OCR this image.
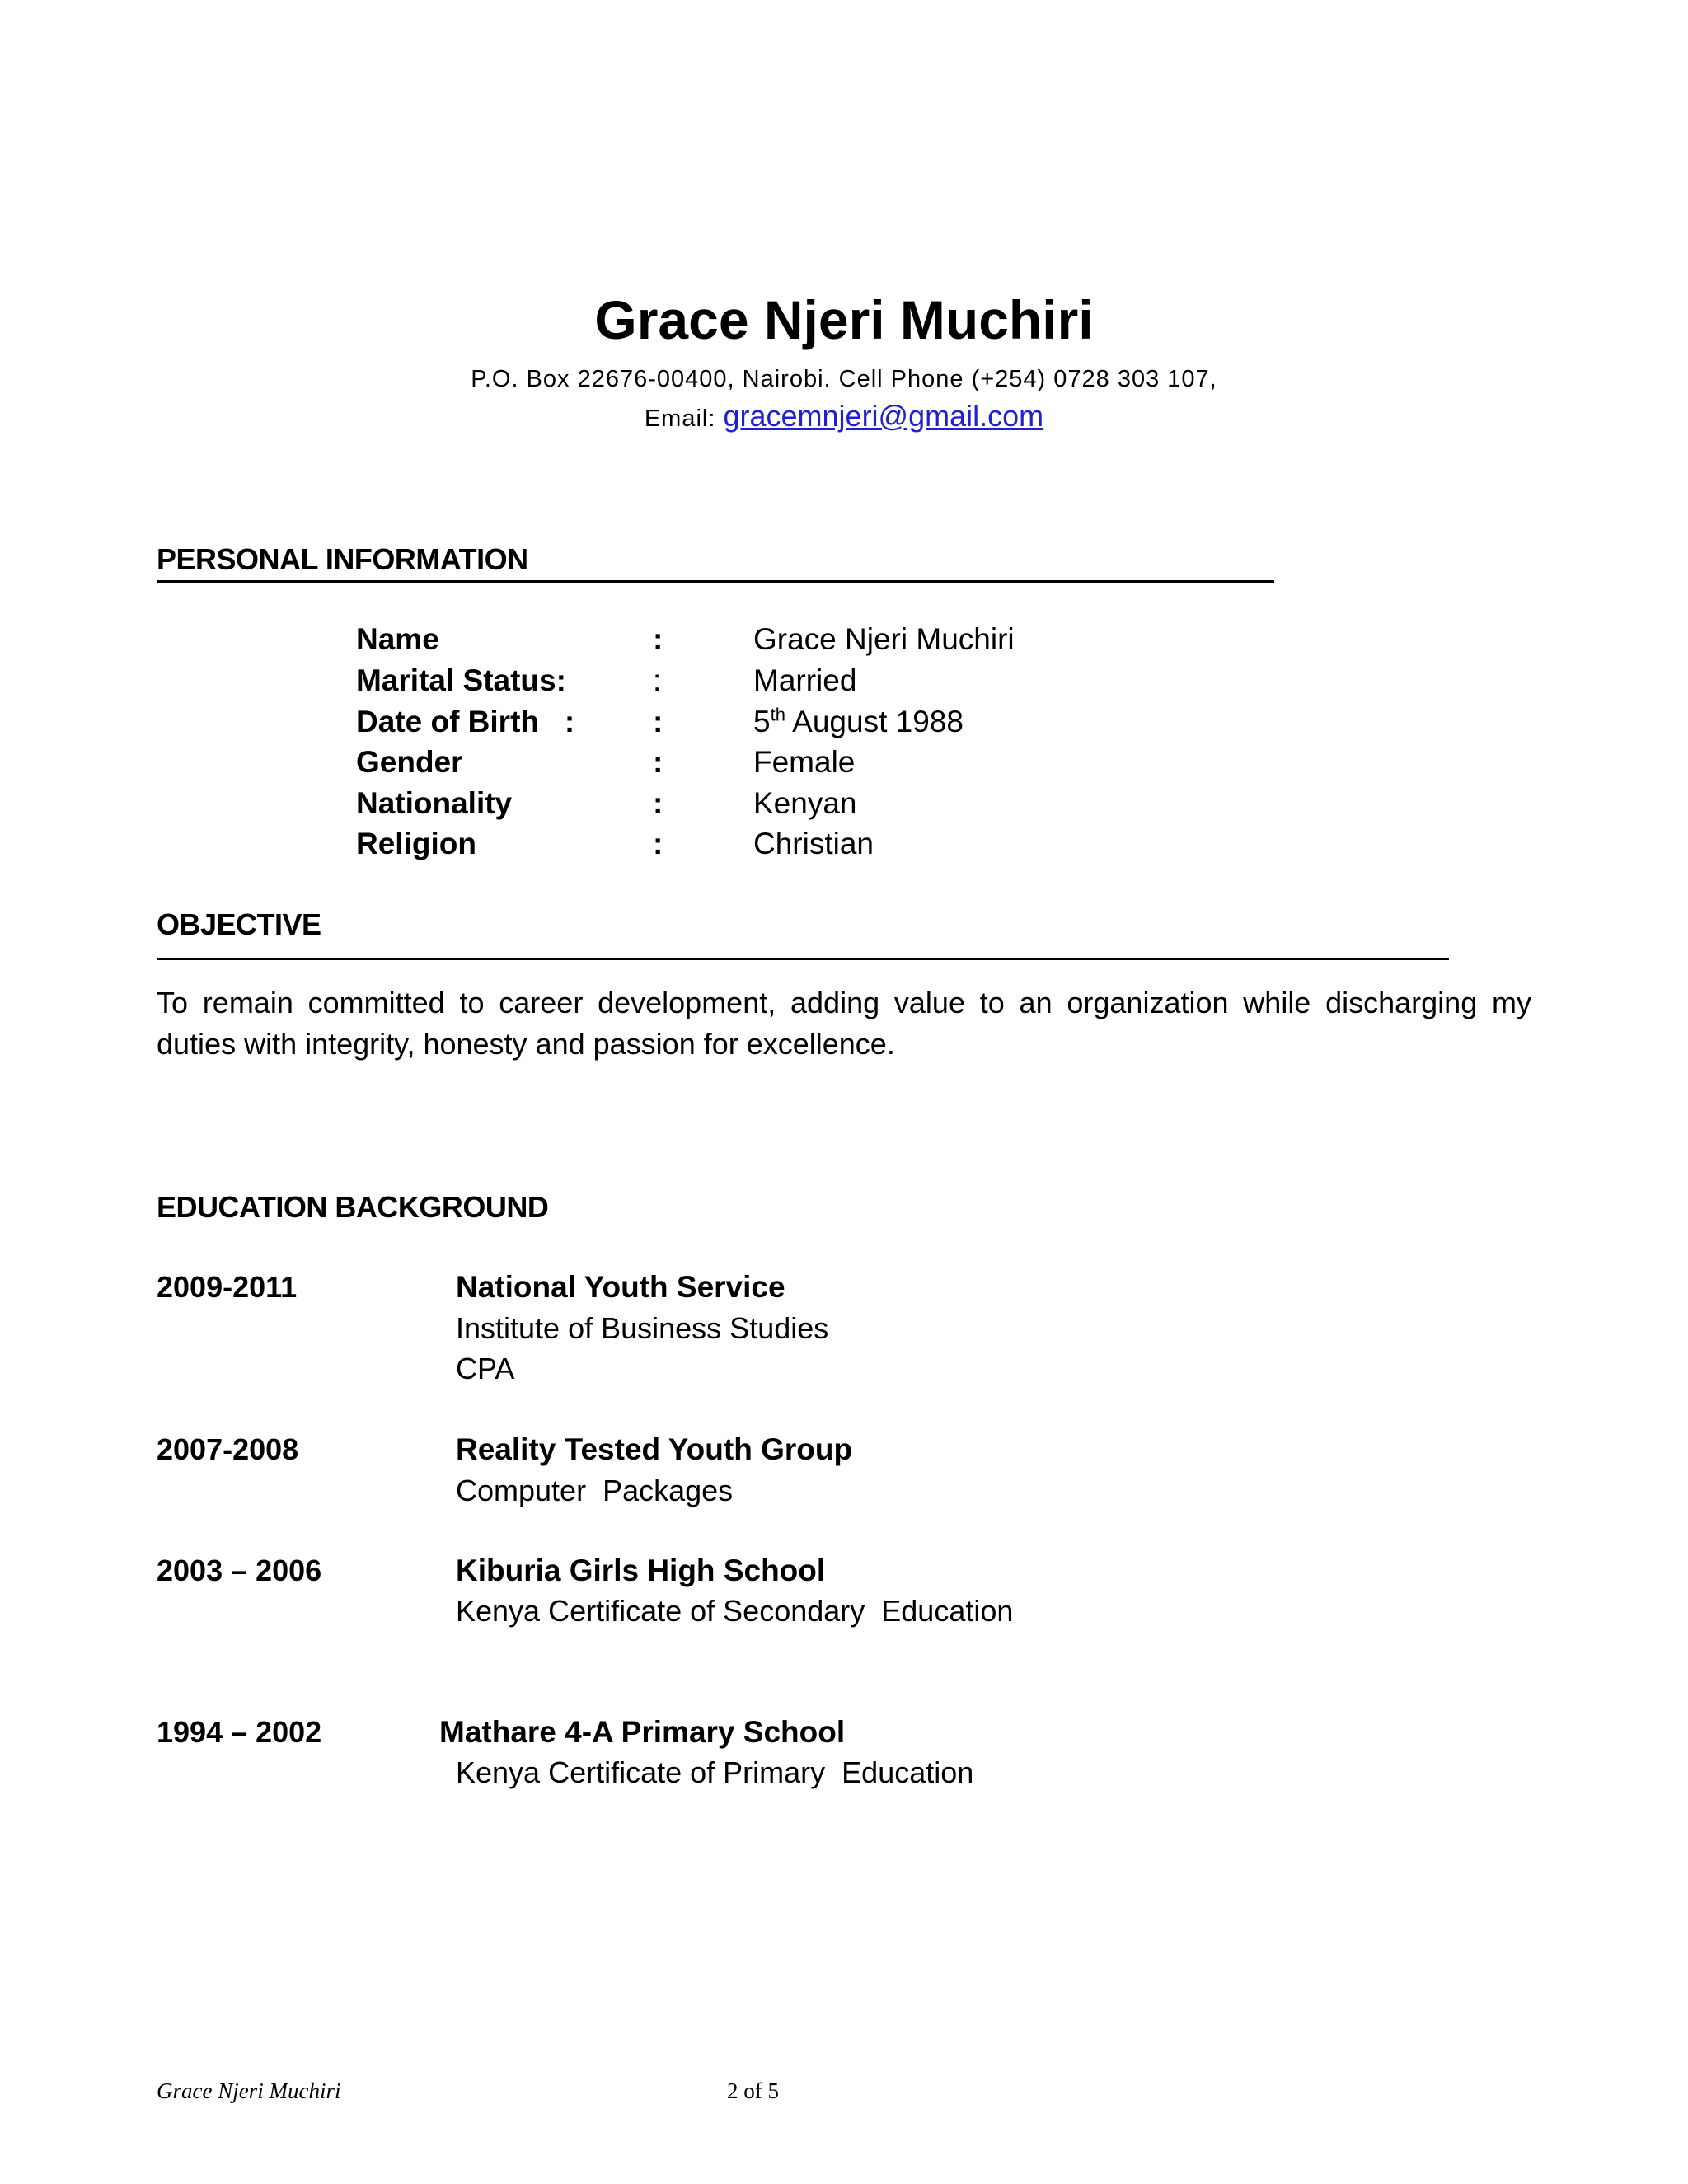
Grace Njeri Muchiri
P.O. Box 22676-00400, Nairobi. Cell Phone (+254) 0728 303 107,
Email: gracemnjeri@gmail.com
PERSONAL INFORMATION
Name	:	Grace Njeri Muchiri
Marital Status:	:	Married
Date of Birth   :	:	5th August 1988
Gender	:	Female
Nationality	:	Kenyan
Religion	:	Christian
OBJECTIVE
To remain committed to career development, adding value to an organization while discharging my duties with integrity, honesty and passion for excellence.
EDUCATION BACKGROUND
2009-2011	National Youth Service
Institute of Business Studies
CPA
2007-2008	Reality Tested Youth Group
Computer  Packages
2003 – 2006	Kiburia Girls High School
Kenya Certificate of Secondary  Education
1994 – 2002	Mathare 4-A Primary School
Kenya Certificate of Primary  Education
Grace Njeri Muchiri	2 of 5
